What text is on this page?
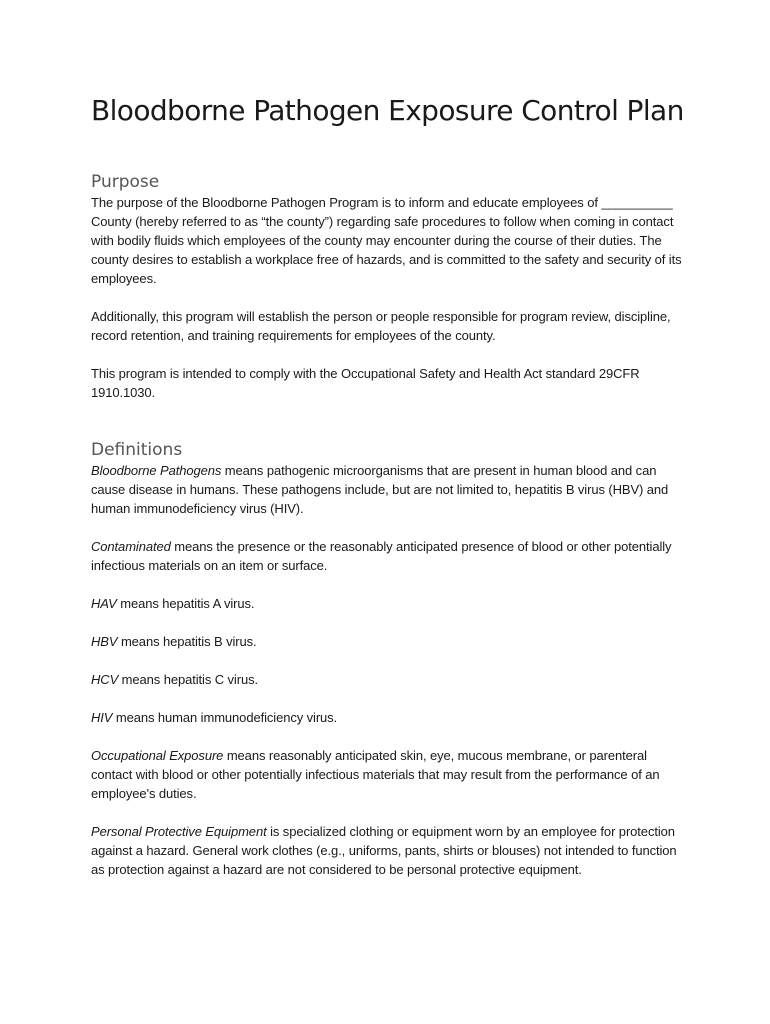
Bloodborne Pathogen Exposure Control Plan
Purpose

The purpose of the Bloodborne Pathogen Program is to inform and educate employees of __________ County (hereby referred to as “the county”) regarding safe procedures to follow when coming in contact with bodily fluids which employees of the county may encounter during the course of their duties. The county desires to establish a workplace free of hazards, and is committed to the safety and security of its employees.

Additionally, this program will establish the person or people responsible for program review, discipline, record retention, and training requirements for employees of the county.

This program is intended to comply with the Occupational Safety and Health Act standard 29CFR 1910.1030.

Definitions

Bloodborne Pathogens means pathogenic microorganisms that are present in human blood and can cause disease in humans. These pathogens include, but are not limited to, hepatitis B virus (HBV) and human immunodeficiency virus (HIV).

Contaminated means the presence or the reasonably anticipated presence of blood or other potentially infectious materials on an item or surface.

HAV means hepatitis A virus.

HBV means hepatitis B virus.

HCV means hepatitis C virus.

HIV means human immunodeficiency virus.

Occupational Exposure means reasonably anticipated skin, eye, mucous membrane, or parenteral contact with blood or other potentially infectious materials that may result from the performance of an employee's duties.

Personal Protective Equipment is specialized clothing or equipment worn by an employee for protection against a hazard. General work clothes (e.g., uniforms, pants, shirts or blouses) not intended to function as protection against a hazard are not considered to be personal protective equipment.
